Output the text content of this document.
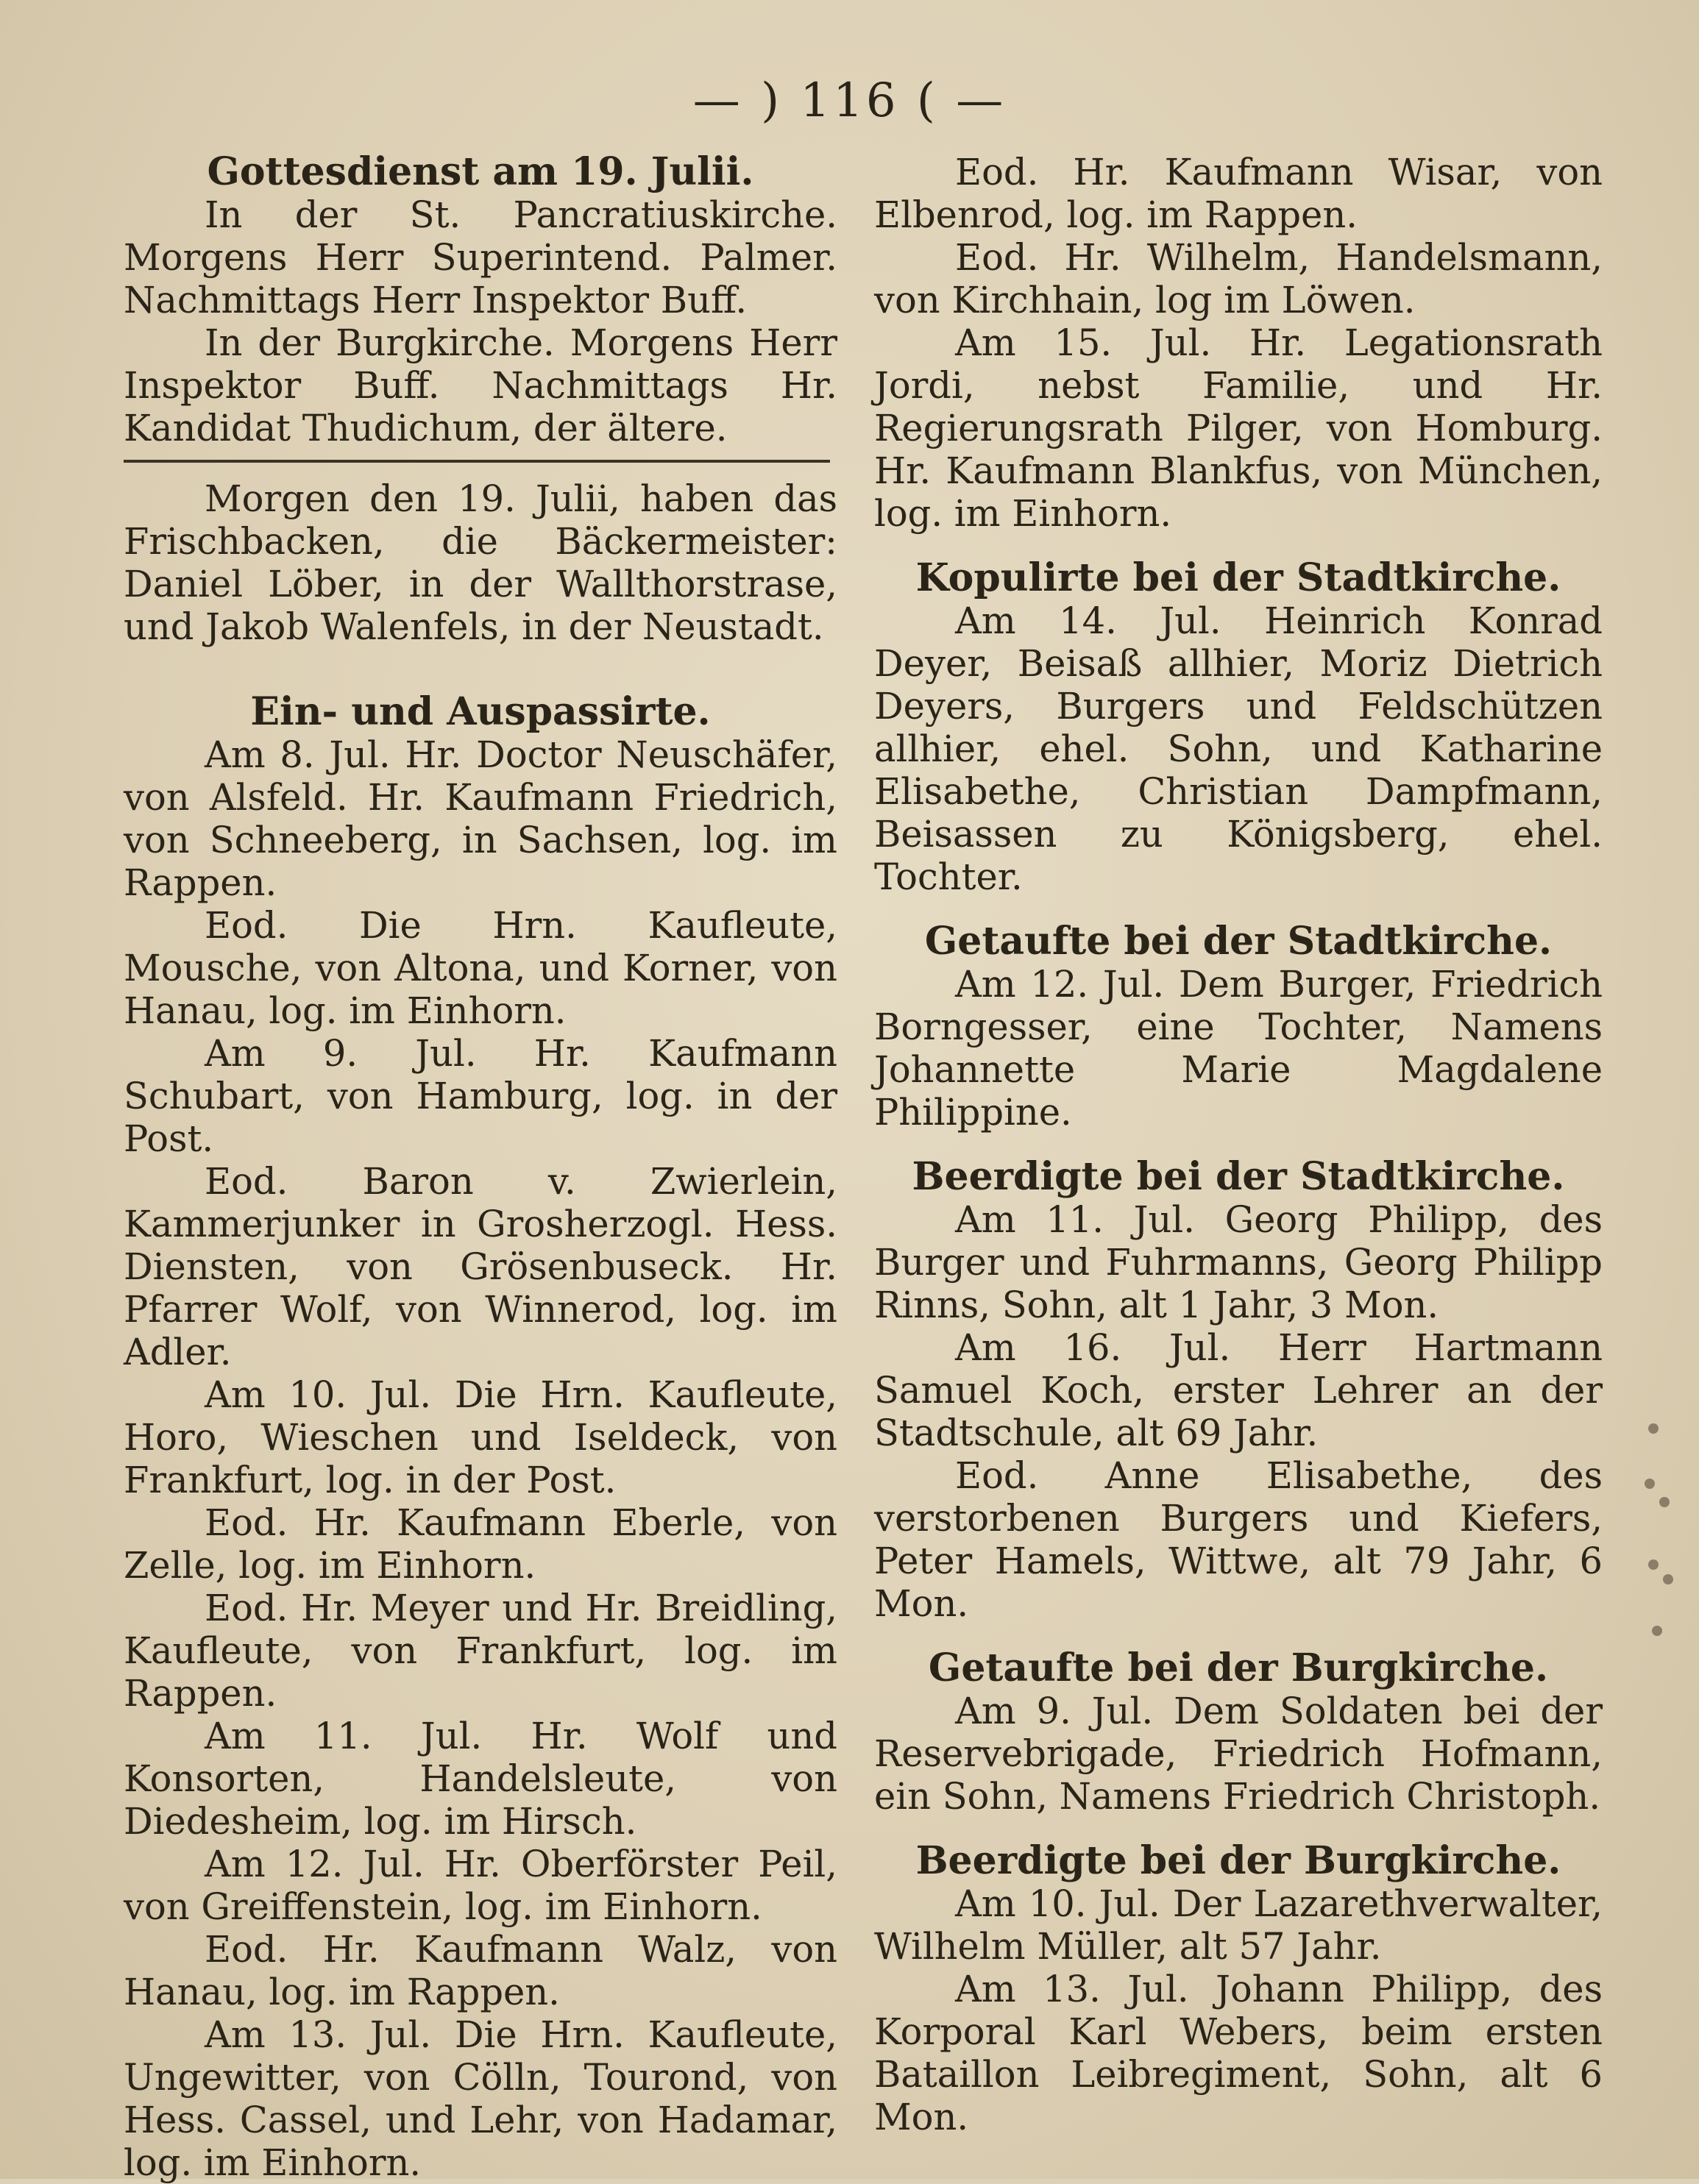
— ) 116 ( —

Gottesdienst am 19. Julii.

In der St. Pancratiuskirche. Morgens Herr Superintend. Palmer. Nachmittags Herr Inspektor Buff.

In der Burgkirche. Morgens Herr Inspektor Buff. Nachmittags Hr. Kandidat Thudichum, der ältere.

Morgen den 19. Julii, haben das Frischbacken, die Bäckermeister: Daniel Löber, in der Wallthorstrase, und Jakob Walenfels, in der Neustadt.

Ein- und Auspassirte.

Am 8. Jul. Hr. Doctor Neuschäfer, von Alsfeld. Hr. Kaufmann Friedrich, von Schneeberg, in Sachsen, log. im Rappen.

Eod. Die Hrn. Kaufleute, Mousche, von Altona, und Korner, von Hanau, log. im Einhorn.

Am 9. Jul. Hr. Kaufmann Schubart, von Hamburg, log. in der Post.

Eod. Baron v. Zwierlein, Kammerjunker in Grosherzogl. Hess. Diensten, von Grösenbuseck. Hr. Pfarrer Wolf, von Winnerod, log. im Adler.

Am 10. Jul. Die Hrn. Kaufleute, Horo, Wieschen und Iseldeck, von Frankfurt, log. in der Post.

Eod. Hr. Kaufmann Eberle, von Zelle, log. im Einhorn.

Eod. Hr. Meyer und Hr. Breidling, Kaufleute, von Frankfurt, log. im Rappen.

Am 11. Jul. Hr. Wolf und Konsorten, Handelsleute, von Diedesheim, log. im Hirsch.

Am 12. Jul. Hr. Oberförster Peil, von Greiffenstein, log. im Einhorn.

Eod. Hr. Kaufmann Walz, von Hanau, log. im Rappen.

Am 13. Jul. Die Hrn. Kaufleute, Ungewitter, von Cölln, Tourond, von Hess. Cassel, und Lehr, von Hadamar, log. im Einhorn.

Eod. Hr. Kaufmann Wisar, von Elbenrod, log. im Rappen.

Eod. Hr. Wilhelm, Handelsmann, von Kirchhain, log im Löwen.

Am 15. Jul. Hr. Legationsrath Jordi, nebst Familie, und Hr. Regierungsrath Pilger, von Homburg. Hr. Kaufmann Blankfus, von München, log. im Einhorn.

Kopulirte bei der Stadtkirche.

Am 14. Jul. Heinrich Konrad Deyer, Beisaß allhier, Moriz Dietrich Deyers, Burgers und Feldschützen allhier, ehel. Sohn, und Katharine Elisabethe, Christian Dampfmann, Beisassen zu Königsberg, ehel. Tochter.

Getaufte bei der Stadtkirche.

Am 12. Jul. Dem Burger, Friedrich Borngesser, eine Tochter, Namens Johannette Marie Magdalene Philippine.

Beerdigte bei der Stadtkirche.

Am 11. Jul. Georg Philipp, des Burger und Fuhrmanns, Georg Philipp Rinns, Sohn, alt 1 Jahr, 3 Mon.

Am 16. Jul. Herr Hartmann Samuel Koch, erster Lehrer an der Stadtschule, alt 69 Jahr.

Eod. Anne Elisabethe, des verstorbenen Burgers und Kiefers, Peter Hamels, Wittwe, alt 79 Jahr, 6 Mon.

Getaufte bei der Burgkirche.

Am 9. Jul. Dem Soldaten bei der Reservebrigade, Friedrich Hofmann, ein Sohn, Namens Friedrich Christoph.

Beerdigte bei der Burgkirche.

Am 10. Jul. Der Lazarethverwalter, Wilhelm Müller, alt 57 Jahr.

Am 13. Jul. Johann Philipp, des Korporal Karl Webers, beim ersten Bataillon Leibregiment, Sohn, alt 6 Mon.
